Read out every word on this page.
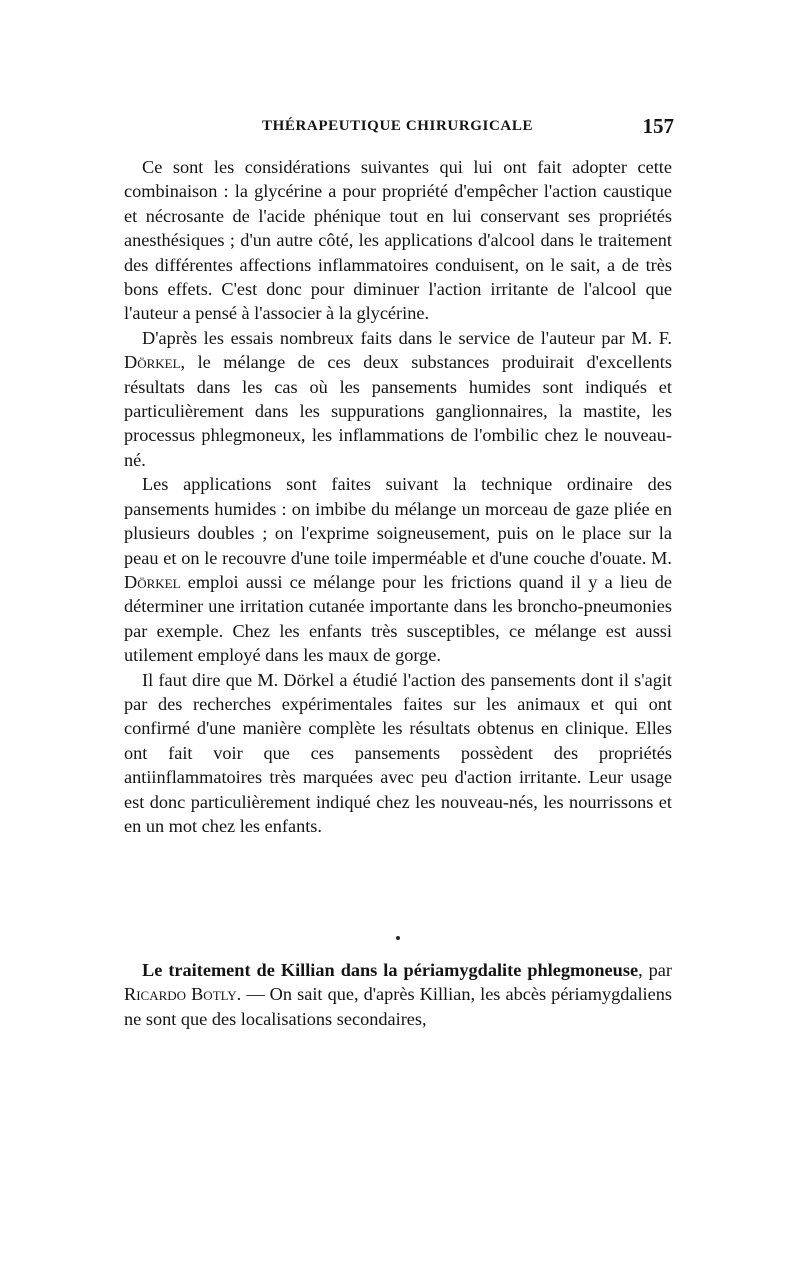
THÉRAPEUTIQUE CHIRURGICALE	157

Ce sont les considérations suivantes qui lui ont fait adopter cette combinaison : la glycérine a pour propriété d'empêcher l'action caustique et nécrosante de l'acide phénique tout en lui conservant ses propriétés anesthésiques ; d'un autre côté, les applications d'alcool dans le traitement des différentes affections inflammatoires conduisent, on le sait, a de très bons effets. C'est donc pour diminuer l'action irritante de l'alcool que l'auteur a pensé à l'associer à la glycérine.

D'après les essais nombreux faits dans le service de l'auteur par M. F. Dörkel, le mélange de ces deux substances produirait d'excellents résultats dans les cas où les pansements humides sont indiqués et particulièrement dans les suppurations ganglionnaires, la mastite, les processus phlegmoneux, les inflammations de l'ombilic chez le nouveau-né.

Les applications sont faites suivant la technique ordinaire des pansements humides : on imbibe du mélange un morceau de gaze pliée en plusieurs doubles ; on l'exprime soigneusement, puis on le place sur la peau et on le recouvre d'une toile imperméable et d'une couche d'ouate. M. Dörkel emploi aussi ce mélange pour les frictions quand il y a lieu de déterminer une irritation cutanée importante dans les broncho-pneumonies par exemple. Chez les enfants très susceptibles, ce mélange est aussi utilement employé dans les maux de gorge.

Il faut dire que M. Dörkel a étudié l'action des pansements dont il s'agit par des recherches expérimentales faites sur les animaux et qui ont confirmé d'une manière complète les résultats obtenus en clinique. Elles ont fait voir que ces pansements possèdent des propriétés antiinflammatoires très marquées avec peu d'action irritante. Leur usage est donc particulièrement indiqué chez les nouveau-nés, les nourrissons et en un mot chez les enfants.

Le traitement de Killian dans la périamygdalite phlegmoneuse, par Ricardo Botly. — On sait que, d'après Killian, les abcès périamygdaliens ne sont que des localisations secondaires,
